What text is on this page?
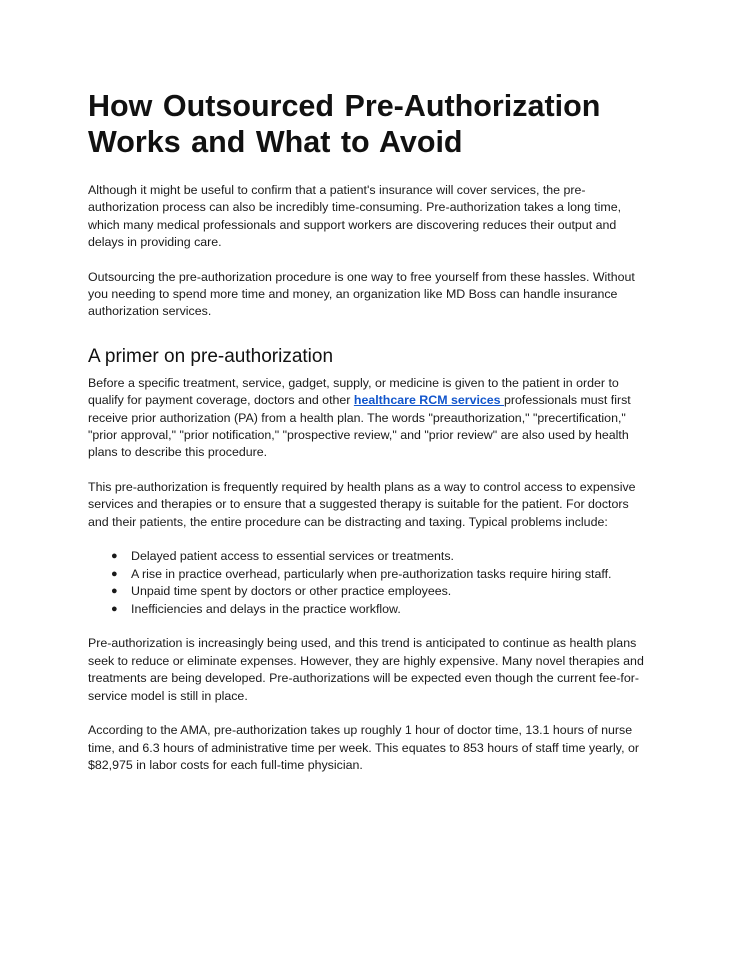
How Outsourced Pre-Authorization Works and What to Avoid

Although it might be useful to confirm that a patient's insurance will cover services, the pre-authorization process can also be incredibly time-consuming. Pre-authorization takes a long time, which many medical professionals and support workers are discovering reduces their output and delays in providing care.

Outsourcing the pre-authorization procedure is one way to free yourself from these hassles. Without you needing to spend more time and money, an organization like MD Boss can handle insurance authorization services.

A primer on pre-authorization

Before a specific treatment, service, gadget, supply, or medicine is given to the patient in order to qualify for payment coverage, doctors and other healthcare RCM services professionals must first receive prior authorization (PA) from a health plan. The words "preauthorization," "precertification," "prior approval," "prior notification," "prospective review," and "prior review" are also used by health plans to describe this procedure.

This pre-authorization is frequently required by health plans as a way to control access to expensive services and therapies or to ensure that a suggested therapy is suitable for the patient. For doctors and their patients, the entire procedure can be distracting and taxing. Typical problems include:

● Delayed patient access to essential services or treatments.
● A rise in practice overhead, particularly when pre-authorization tasks require hiring staff.
● Unpaid time spent by doctors or other practice employees.
● Inefficiencies and delays in the practice workflow.

Pre-authorization is increasingly being used, and this trend is anticipated to continue as health plans seek to reduce or eliminate expenses. However, they are highly expensive. Many novel therapies and treatments are being developed. Pre-authorizations will be expected even though the current fee-for-service model is still in place.

According to the AMA, pre-authorization takes up roughly 1 hour of doctor time, 13.1 hours of nurse time, and 6.3 hours of administrative time per week. This equates to 853 hours of staff time yearly, or $82,975 in labor costs for each full-time physician.
